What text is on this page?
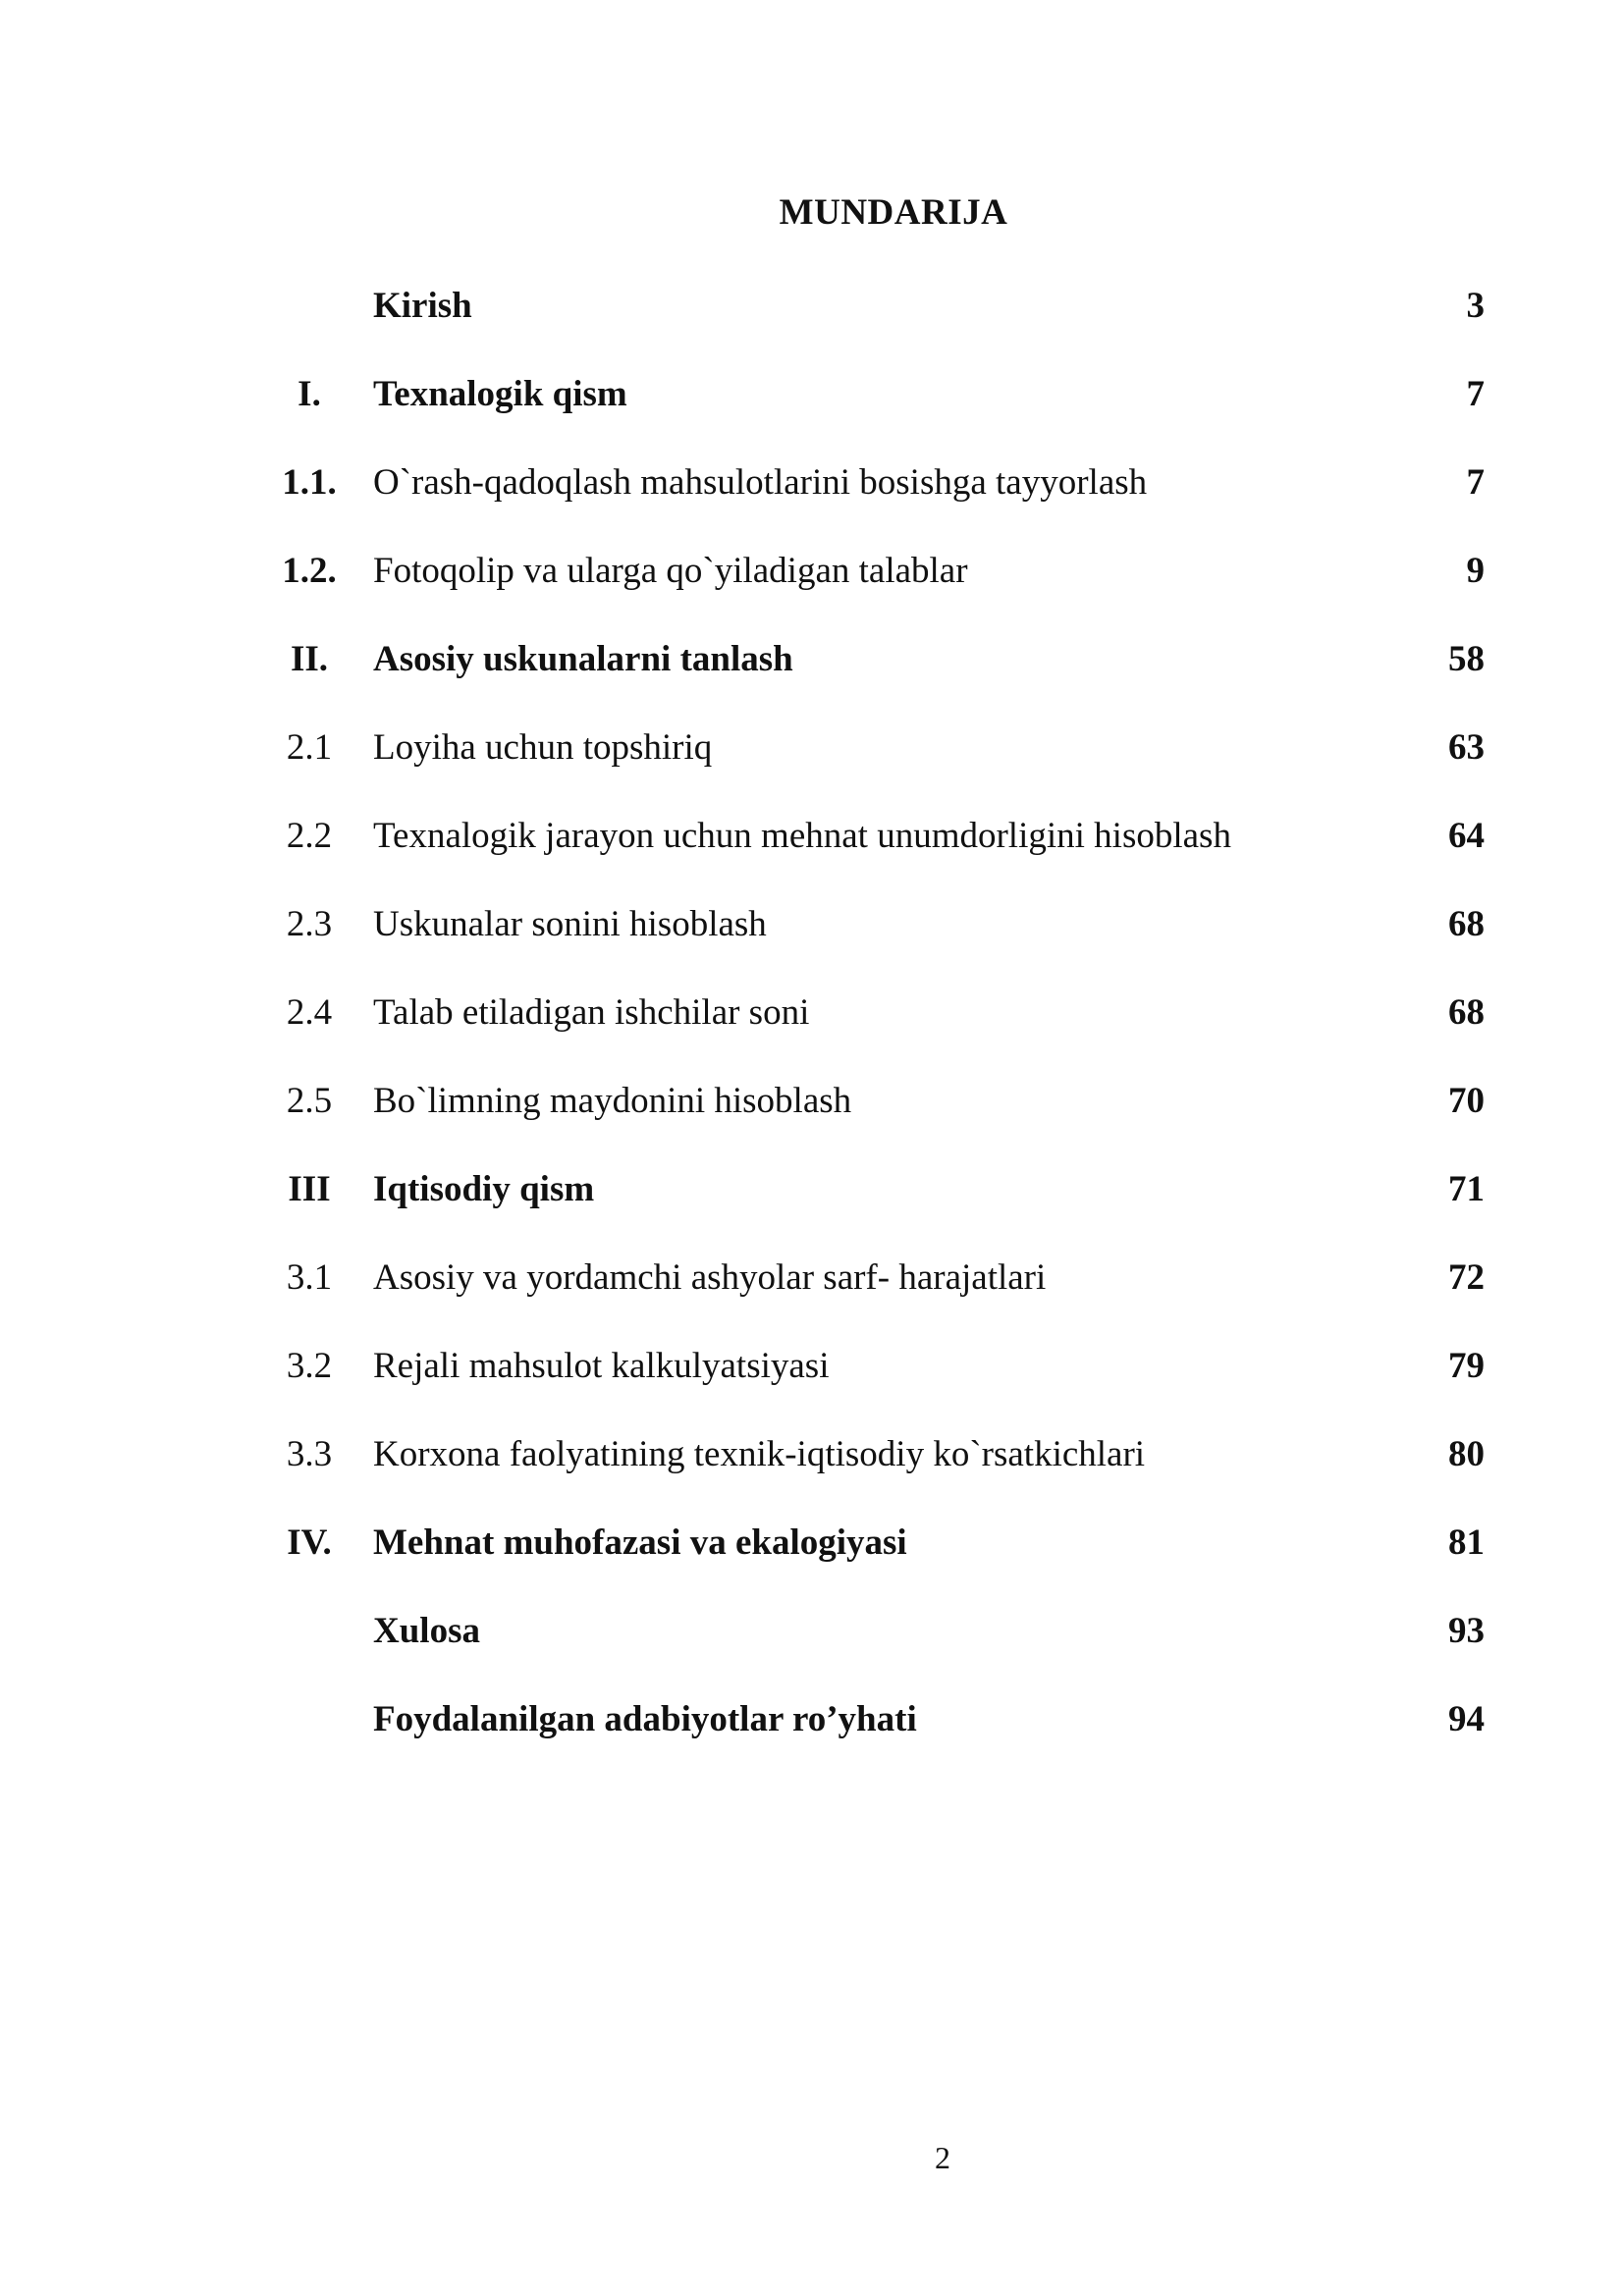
MUNDARIJA
Kirish	3
I.	Texnalogik qism	7
1.1.	O`rash-qadoqlash mahsulotlarini bosishga tayyorlash	7
1.2.	Fotoqolip va ularga qo`yiladigan talablar	9
II.	Asosiy uskunalarni tanlash	58
2.1	Loyiha uchun topshiriq	63
2.2	Texnalogik jarayon uchun mehnat unumdorligini hisoblash	64
2.3	Uskunalar sonini hisoblash	68
2.4	Talab etiladigan ishchilar soni	68
2.5	Bo`limning maydonini hisoblash	70
III	Iqtisodiy qism	71
3.1	Asosiy va yordamchi ashyolar sarf- harajatlari	72
3.2	Rejali mahsulot kalkulyatsiyasi	79
3.3	Korxona faolyatining texnik-iqtisodiy ko`rsatkichlari	80
IV.	Mehnat muhofazasi va ekalogiyasi	81
Xulosa	93
Foydalanilgan adabiyotlar ro’yhati	94
2
